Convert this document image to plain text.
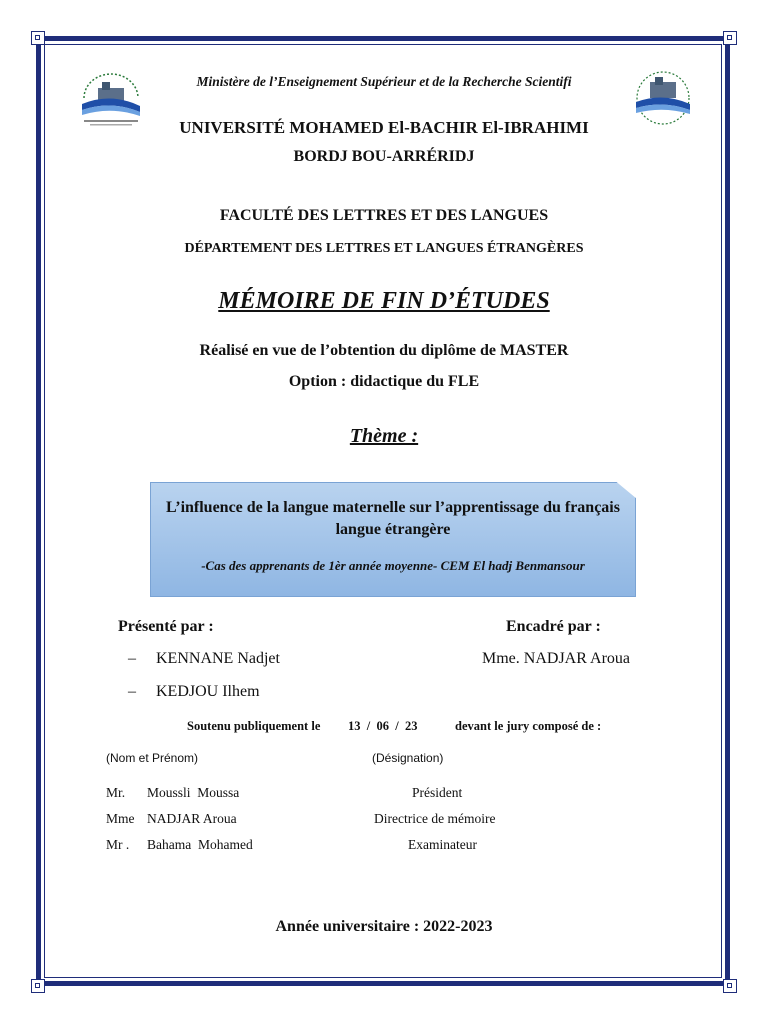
Ministère de l’Enseignement Supérieur et de la Recherche Scientifi
UNIVERSITÉ MOHAMED El-BACHIR El-IBRAHIMI
BORDJ BOU-ARRÉRIDJ
FACULTÉ DES LETTRES ET DES LANGUES
DÉPARTEMENT DES LETTRES ET LANGUES ÉTRANGÈRES
MÉMOIRE DE FIN D’ÉTUDES
Réalisé en vue de l’obtention du diplôme de MASTER
Option : didactique du FLE
Thème :
L’influence de la langue maternelle sur l’apprentissage du français langue étrangère
-Cas des apprenants de 1èr année moyenne- CEM El hadj Benmansour
Présenté par :	Encadré par :
– KENNANE Nadjet
– KEDJOU Ilhem
Mme. NADJAR Aroua
Soutenu publiquement le 13  /  06  /  23	devant le jury composé de :
(Nom et Prénom)	(Désignation)
Mr. Moussli  Moussa	Président
Mme NADJAR Aroua	Directrice de mémoire
Mr . Bahama  Mohamed	Examinateur
Année universitaire : 2022-2023
